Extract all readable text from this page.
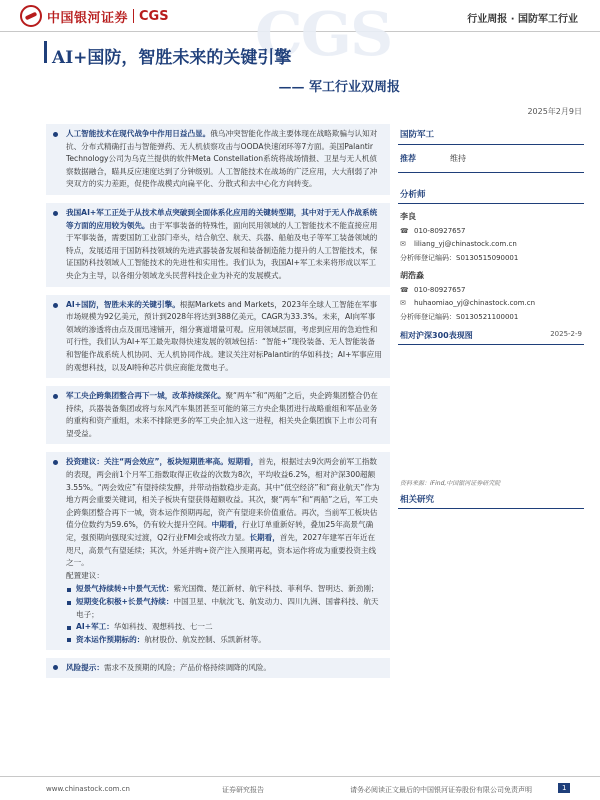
中国银河证券 CGS	行业周报 · 国防军工行业
CGS
AI+国防，智胜未来的关键引擎
—— 军工行业双周报
2025年2月9日
人工智能技术在现代战争中作用日益凸显。俄乌冲突智能化作战主要体现在战略欺骗与认知对抗、分布式精确打击与智能弹药、无人机侦察攻击与OODA快速闭环等7方面。美国Palantir Technology公司为乌克兰提供的软件Meta Constellation系统将战场情报、卫星与无人机侦察数据融合，瞄具反应速度达到了分钟级别。人工智能技术在战场的广泛应用，大大削弱了冲突双方的实力差距，促使作战模式向扁平化、分散式和去中心化方向转变。
我国AI+军工正处于从技术单点突破到全面体系化应用的关键转型期，其中对于无人作战系统等方面的应用较为领先。由于军事装备的特殊性，面向民用领域的人工智能技术不能直接应用于军事装备，需要国防工业部门牵头，结合航空、航天、兵器、船舶及电子等军工装备领域的特点，发展适用于国防科技领域的先进武器装备发展和装备制造能力提升的人工智能技术，保证国防科技领域人工智能技术的先进性和实用性。我们认为，我国AI+军工未来将形成以军工央企为主导，以各细分领域龙头民营科技企业为补充的发展模式。
AI+国防，智胜未来的关键引擎。根据Markets and Markets，2023年全球人工智能在军事市场规模为92亿美元，预计到2028年将达到388亿美元，CAGR为33.3%。未来，AI向军事领域的渗透将由点及面迅速铺开，细分赛道增量可观。应用领域层面，考虑到应用的急迫性和可行性，我们认为AI+军工最先取得快速发展的领域包括：“智能+”现役装备、无人智能装备和智能作战系统人机协同、无人机协同作战。建议关注对标Palantir的华如科技；AI+军事应用的观想科技，以及AI特种芯片供应商能龙微电子。
军工央企跨集团整合再下一城，改革持续深化。聚“两车”和“两船”之后，央企跨集团整合仍在持续，兵器装备集团或将与东风汽车集团甚至可能的第三方央企集团进行战略重组和军品业务的重构和资产重组，未来不排除更多的军工央企加入这一进程，相关央企集团旗下上市公司有望受益。
投资建议：关注“两会效应”，板块短期胜率高。短期看，首先，根据过去9次两会前军工指数的表现，两会前1个月军工指数取得正收益的次数为8次，平均收益6.2%，相对沪深300超额3.55%。“两会效应”有望持续发酵，并带动指数稳步走高。其中“低空经济”和“商业航天”作为地方两会重要关键词，相关子板块有望获得超额收益。其次，聚“两车”和“两船”之后，军工央企跨集团整合再下一城，资本运作预期再起，资产有望迎来价值重估。再次，当前军工板块估值分位数约为59.6%，仍有较大提升空间。中期看，行业订单重新好转，叠加25年高景气确定，强预期向强现实过渡，Q2行业FMI会或将改力显。长期看，首先，2027年建军百年近在咫尺，高景气有望延续；其次，外延并购+资产注入预期再起，资本运作将成为重要投资主线之一。
配置建议：
短景气持续转+中景气无忧：紫光国微、楚江新材、航宇科技、菲利华、智明达、新劲刚；
短期变化积极+长景气持续：中国卫星、中航沈飞、航发动力、四川九洲、国睿科技、航天电子；
AI+军工：华如科技、观想科技、七一二
资本运作预期标的：航材股份、航发控制、乐凯新材等。
风险提示：需求不及预期的风险；产品价格持续调降的风险。
国防军工
推荐	维持
分析师
李良
☎ 010-80927657
✉	liliang_yj@chinastock.com.cn
分析师登记编码： S0130515090001
胡浩淼
☎ 010-80927657
✉	huhaomiao_yj@chinastock.com.cn
分析师登记编码： S0130521100001
相对沪深300表现图	2025-2-9
资料来源：iFind,中国银河证券研究院
相关研究
www.chinastock.com.cn	证券研究报告	请务必阅读正文最后的中国银河证券股份有限公司免责声明	1
